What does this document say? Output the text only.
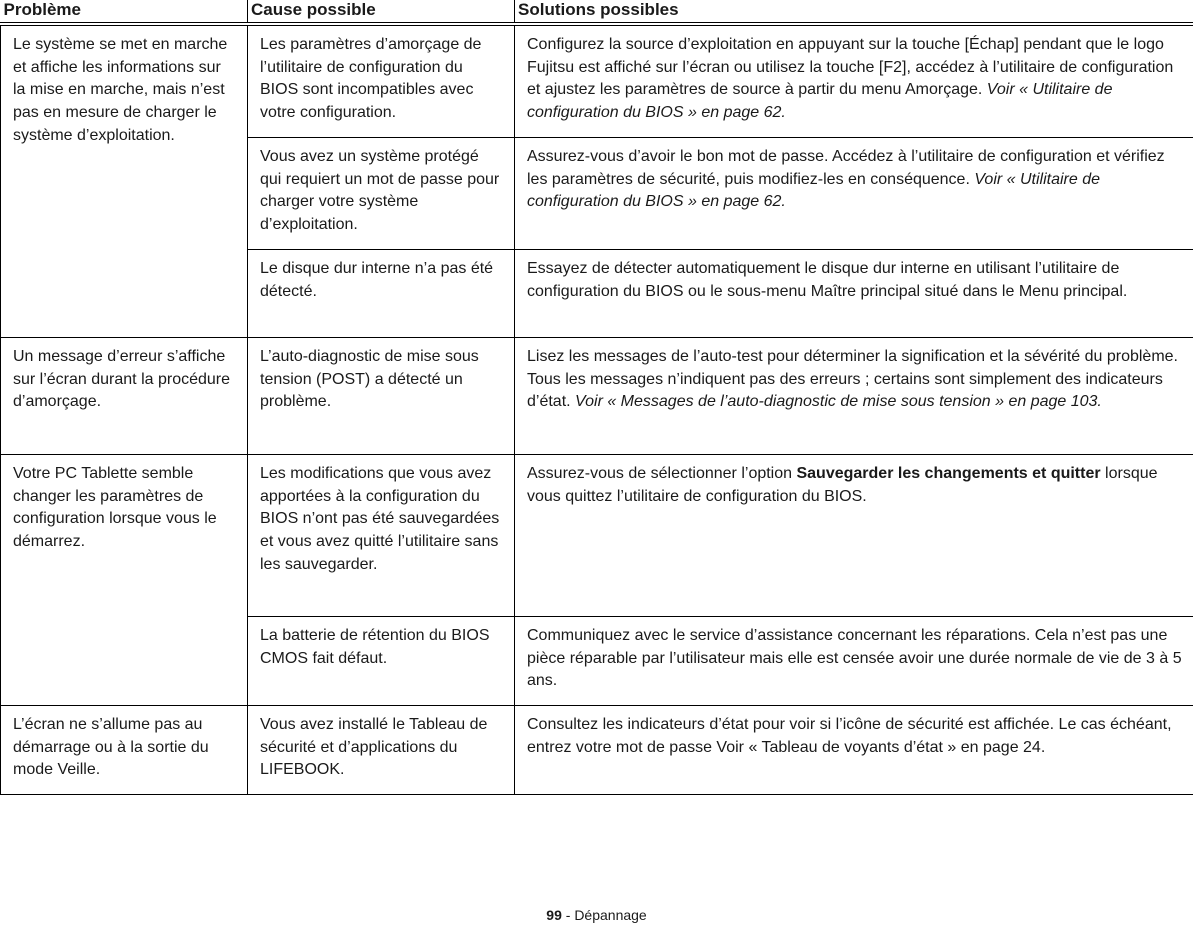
Problème	Cause possible	Solutions possibles
Le système se met en marche et affiche les informations sur la mise en marche, mais n’est pas en mesure de charger le système d’exploitation.	Les paramètres d’amorçage de l’utilitaire de configuration du BIOS sont incompatibles avec votre configuration.	Configurez la source d’exploitation en appuyant sur la touche [Échap] pendant que le logo Fujitsu est affiché sur l’écran ou utilisez la touche [F2], accédez à l’utilitaire de configuration et ajustez les paramètres de source à partir du menu Amorçage. Voir « Utilitaire de configuration du BIOS » en page 62.
	Vous avez un système protégé qui requiert un mot de passe pour charger votre système d’exploitation.	Assurez-vous d’avoir le bon mot de passe. Accédez à l’utilitaire de configuration et vérifiez les paramètres de sécurité, puis modifiez-les en conséquence. Voir « Utilitaire de configuration du BIOS » en page 62.
	Le disque dur interne n’a pas été détecté.	Essayez de détecter automatiquement le disque dur interne en utilisant l’utilitaire de configuration du BIOS ou le sous-menu Maître principal situé dans le Menu principal.
Un message d’erreur s’affiche sur l’écran durant la procédure d’amorçage.	L’auto-diagnostic de mise sous tension (POST) a détecté un problème.	Lisez les messages de l’auto-test pour déterminer la signification et la sévérité du problème. Tous les messages n’indiquent pas des erreurs ; certains sont simplement des indicateurs d’état. Voir « Messages de l’auto-diagnostic de mise sous tension » en page 103.
Votre PC Tablette semble changer les paramètres de configuration lorsque vous le démarrez.	Les modifications que vous avez apportées à la configuration du BIOS n’ont pas été sauvegardées et vous avez quitté l’utilitaire sans les sauvegarder.	Assurez-vous de sélectionner l’option Sauvegarder les changements et quitter lorsque vous quittez l’utilitaire de configuration du BIOS.
	La batterie de rétention du BIOS CMOS fait défaut.	Communiquez avec le service d’assistance concernant les réparations. Cela n’est pas une pièce réparable par l’utilisateur mais elle est censée avoir une durée normale de vie de 3 à 5 ans.
L’écran ne s’allume pas au démarrage ou à la sortie du mode Veille.	Vous avez installé le Tableau de sécurité et d’applications du LIFEBOOK.	Consultez les indicateurs d’état pour voir si l’icône de sécurité est affichée. Le cas échéant, entrez votre mot de passe Voir « Tableau de voyants d’état » en page 24.
99 - Dépannage
